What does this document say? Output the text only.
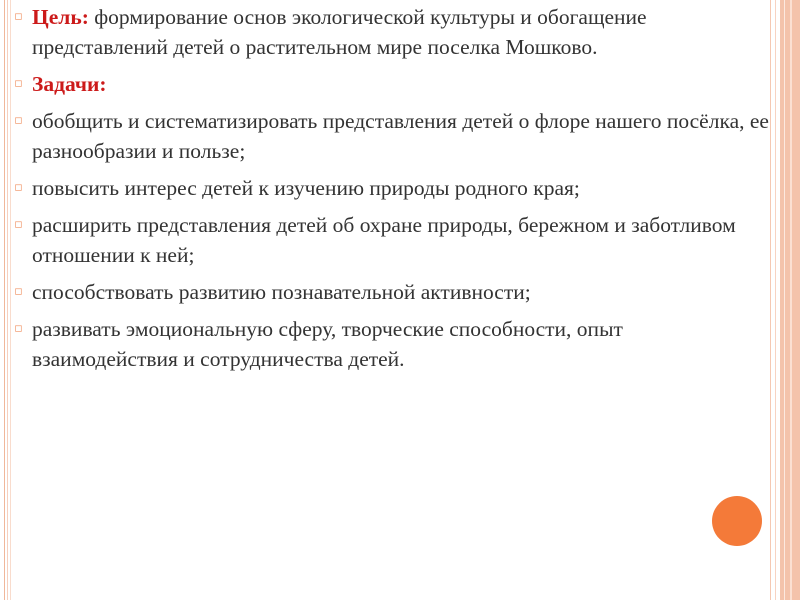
▫ Цель: формирование основ экологической культуры и обогащение представлений детей о растительном мире поселка Мошково.
▫ Задачи:
▫ обобщить и систематизировать представления детей о флоре нашего посёлка, ее разнообразии и пользе;
▫ повысить интерес детей к изучению природы родного края;
▫ расширить представления детей об охране природы, бережном и заботливом отношении к ней;
▫ способствовать развитию познавательной активности;
▫ развивать эмоциональную сферу, творческие способности, опыт взаимодействия и сотрудничества детей.
